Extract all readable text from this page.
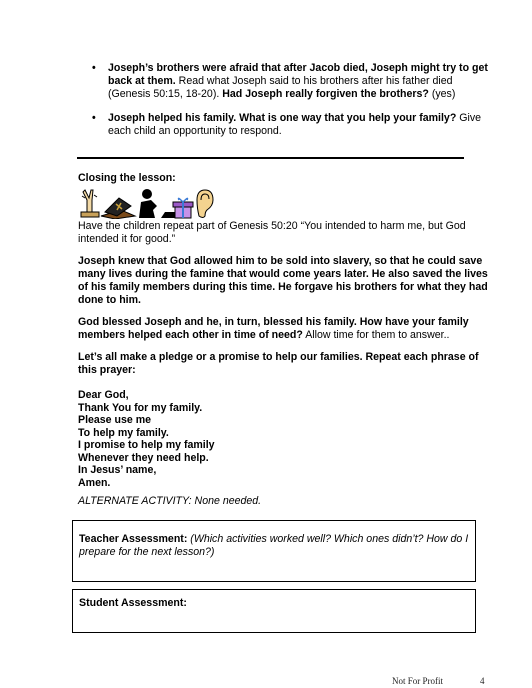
• Joseph’s brothers were afraid that after Jacob died, Joseph might try to get back at them. Read what Joseph said to his brothers after his father died (Genesis 50:15, 18-20). Had Joseph really forgiven the brothers? (yes)
• Joseph helped his family. What is one way that you help your family? Give each child an opportunity to respond.
Closing the lesson:
Have the children repeat part of Genesis 50:20 “You intended to harm me, but God intended it for good.”
Joseph knew that God allowed him to be sold into slavery, so that he could save many lives during the famine that would come years later. He also saved the lives of his family members during this time. He forgave his brothers for what they had done to him.
God blessed Joseph and he, in turn, blessed his family. How have your family members helped each other in time of need? Allow time for them to answer..
Let’s all make a pledge or a promise to help our families. Repeat each phrase of this prayer:
Dear God,
Thank You for my family.
Please use me
To help my family.
I promise to help my family
Whenever they need help.
In Jesus’ name,
Amen.
ALTERNATE ACTIVITY: None needed.
Teacher Assessment: (Which activities worked well? Which ones didn’t? How do I prepare for the next lesson?)
Student Assessment:
Not For Profit	4
